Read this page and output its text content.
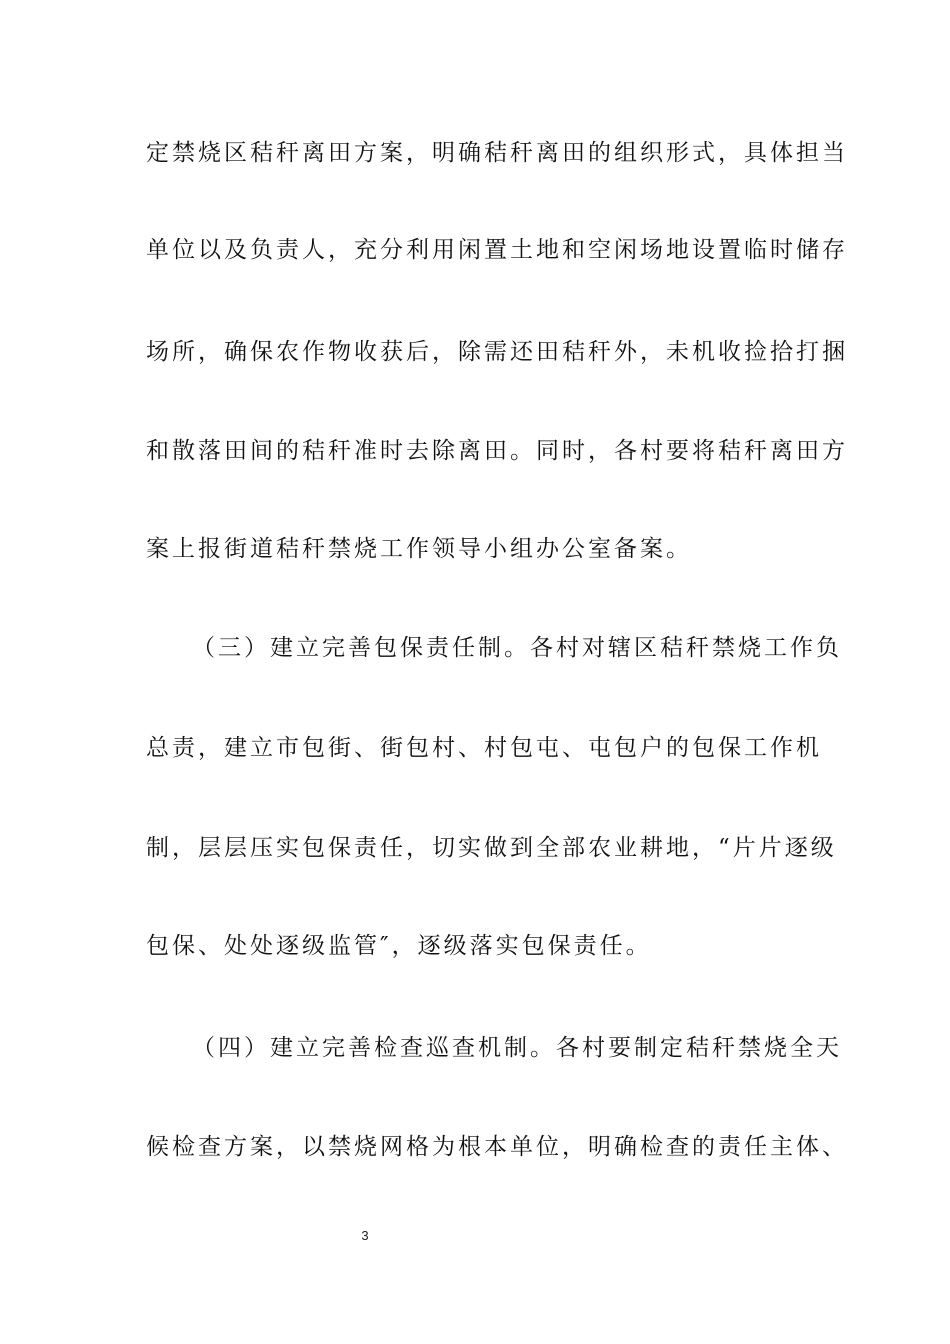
定禁烧区秸秆离田方案，明确秸秆离田的组织形式，具体担当
单位以及负责人，充分利用闲置土地和空闲场地设置临时储存
场所，确保农作物收获后，除需还田秸秆外，未机收捡拾打捆
和散落田间的秸秆准时去除离田。同时，各村要将秸秆离田方
案上报街道秸秆禁烧工作领导小组办公室备案。
（三）建立完善包保责任制。各村对辖区秸秆禁烧工作负
总责，建立市包街、街包村、村包屯、屯包户的包保工作机
制，层层压实包保责任，切实做到全部农业耕地，“片片逐级
包保、处处逐级监管″，逐级落实包保责任。
（四）建立完善检查巡查机制。各村要制定秸秆禁烧全天
候检查方案，以禁烧网格为根本单位，明确检查的责任主体、
3
